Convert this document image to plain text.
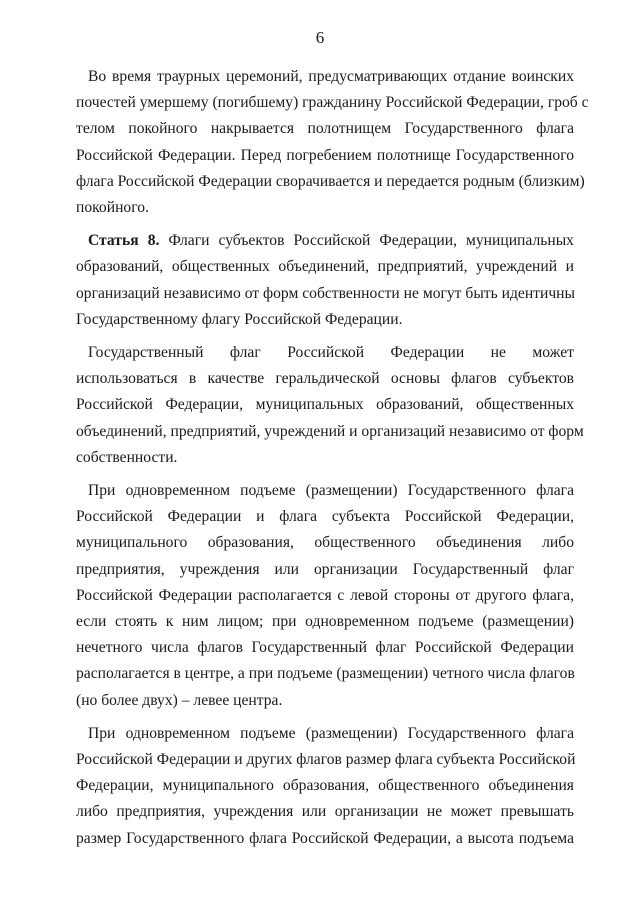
6

Во время траурных церемоний, предусматривающих отдание воинских
почестей умершему (погибшему) гражданину Российской Федерации, гроб с
телом покойного накрывается полотнищем Государственного флага
Российской Федерации. Перед погребением полотнище Государственного
флага Российской Федерации сворачивается и передается родным (близким)
покойного.

Статья 8. Флаги субъектов Российской Федерации, муниципальных
образований, общественных объединений, предприятий, учреждений и
организаций независимо от форм собственности не могут быть идентичны
Государственному флагу Российской Федерации.

Государственный флаг Российской Федерации не может
использоваться в качестве геральдической основы флагов субъектов
Российской Федерации, муниципальных образований, общественных
объединений, предприятий, учреждений и организаций независимо от форм
собственности.

При одновременном подъеме (размещении) Государственного флага
Российской Федерации и флага субъекта Российской Федерации,
муниципального образования, общественного объединения либо
предприятия, учреждения или организации Государственный флаг
Российской Федерации располагается с левой стороны от другого флага,
если стоять к ним лицом; при одновременном подъеме (размещении)
нечетного числа флагов Государственный флаг Российской Федерации
располагается в центре, а при подъеме (размещении) четного числа флагов
(но более двух) – левее центра.

При одновременном подъеме (размещении) Государственного флага
Российской Федерации и других флагов размер флага субъекта Российской
Федерации, муниципального образования, общественного объединения
либо предприятия, учреждения или организации не может превышать
размер Государственного флага Российской Федерации, а высота подъема
